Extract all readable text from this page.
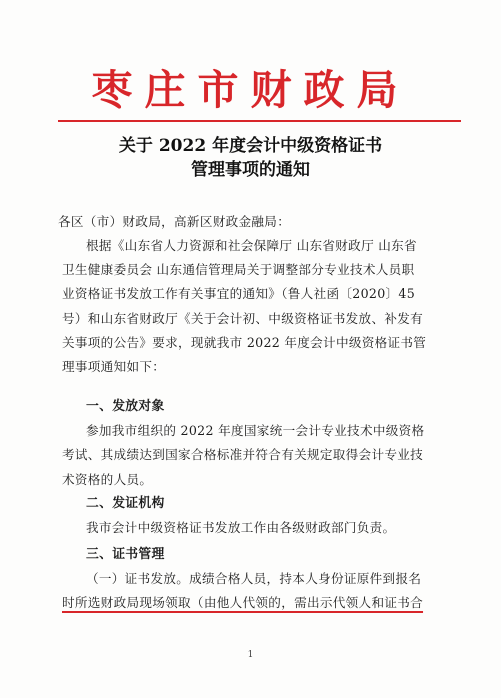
枣庄市财政局
关于 2022 年度会计中级资格证书
管理事项的通知
各区（市）财政局，高新区财政金融局：
根据《山东省人力资源和社会保障厅 山东省财政厅 山东省
卫生健康委员会 山东通信管理局关于调整部分专业技术人员职
业资格证书发放工作有关事宜的通知》（鲁人社函〔2020〕45
号）和山东省财政厅《关于会计初、中级资格证书发放、补发有
关事项的公告》要求，现就我市 2022 年度会计中级资格证书管
理事项通知如下：
一、发放对象
参加我市组织的 2022 年度国家统一会计专业技术中级资格
考试、其成绩达到国家合格标准并符合有关规定取得会计专业技
术资格的人员。
二、发证机构
我市会计中级资格证书发放工作由各级财政部门负责。
三、证书管理
（一）证书发放。成绩合格人员，持本人身份证原件到报名
时所选财政局现场领取（由他人代领的，需出示代领人和证书合
1
